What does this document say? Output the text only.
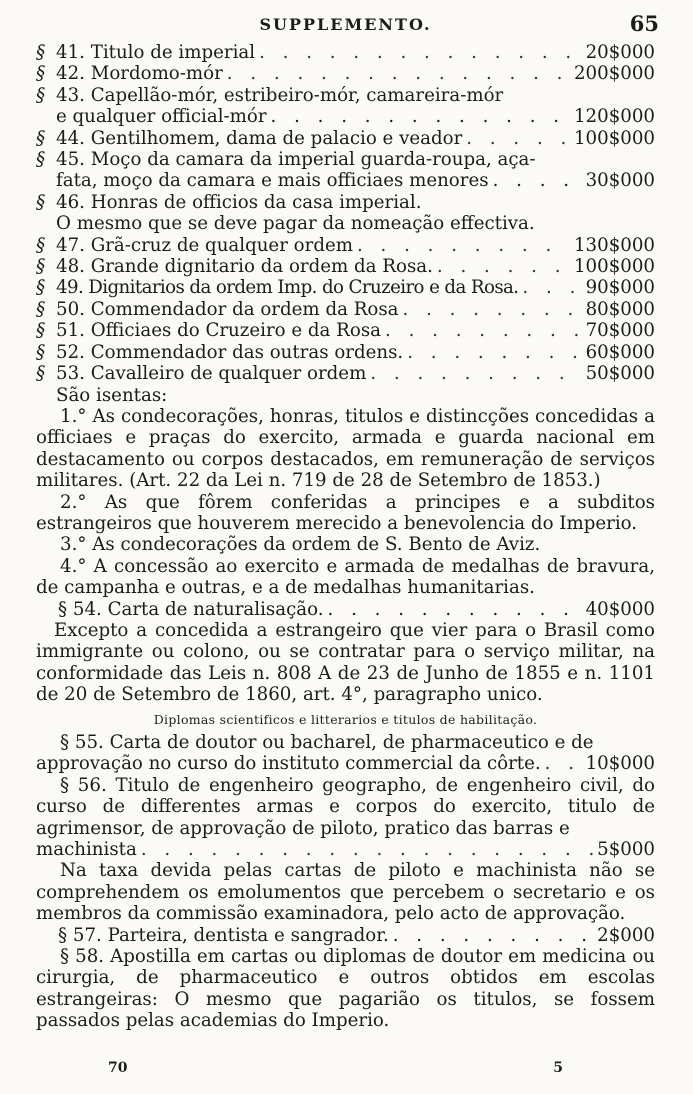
SUPPLEMENTO.	65
§ 41. Titulo de imperial . . .	20$000
§ 42. Mordomo-mór . . .	200$000
§ 43. Capellão-mór, estribeiro-mór, camareira-mór
e qualquer official-mór . . .	120$000
§ 44. Gentilhomem, dama de palacio e veador . . .	100$000
§ 45. Moço da camara da imperial guarda-roupa, aça-
fata, moço da camara e mais officiaes menores . . .	30$000
§ 46. Honras de officios da casa imperial.
O mesmo que se deve pagar da nomeação effectiva.
§ 47. Grã-cruz de qualquer ordem . . .	130$000
§ 48. Grande dignitario da ordem da Rosa. . . .	100$000
§ 49. Dignitarios da ordem Imp. do Cruzeiro e da Rosa. . . .	90$000
§ 50. Commendador da ordem da Rosa . . .	80$000
§ 51. Officiaes do Cruzeiro e da Rosa . . .	70$000
§ 52. Commendador das outras ordens. . . .	60$000
§ 53. Cavalleiro de qualquer ordem . . .	50$000
São isentas:
1.° As condecorações, honras, titulos e distincções concedidas a officiaes e praças do exercito, armada e guarda nacional em destacamento ou corpos destacados, em remuneração de serviços militares. (Art. 22 da Lei n. 719 de 28 de Setembro de 1853.)
2.° As que fôrem conferidas a principes e a subditos estrangeiros que houverem merecido a benevolencia do Imperio.
3.° As condecorações da ordem de S. Bento de Aviz.
4.° A concessão ao exercito e armada de medalhas de bravura, de campanha e outras, e a de medalhas humanitarias.
§ 54. Carta de naturalisação. . . .	40$000
Excepto a concedida a estrangeiro que vier para o Brasil como immigrante ou colono, ou se contratar para o serviço militar, na conformidade das Leis n. 808 A de 23 de Junho de 1855 e n. 1101 de 20 de Setembro de 1860, art. 4°, paragrapho unico.
Diplomas scientificos e litterarios e titulos de habilitação.
§ 55. Carta de doutor ou bacharel, de pharmaceutico e de
approvação no curso do instituto commercial da côrte. . . . 10$000
§ 56. Titulo de engenheiro geographo, de engenheiro civil, do curso de differentes armas e corpos do exercito, titulo de agrimensor, de approvação de piloto, pratico das barras e
machinista . . .	5$000
Na taxa devida pelas cartas de piloto e machinista não se comprehendem os emolumentos que percebem o secretario e os membros da commissão examinadora, pelo acto de approvação.
§ 57. Parteira, dentista e sangrador. . . .	2$000
§ 58. Apostilla em cartas ou diplomas de doutor em medicina ou cirurgia, de pharmaceutico e outros obtidos em escolas estrangeiras: O mesmo que pagarião os titulos, se fossem passados pelas academias do Imperio.
70	5
